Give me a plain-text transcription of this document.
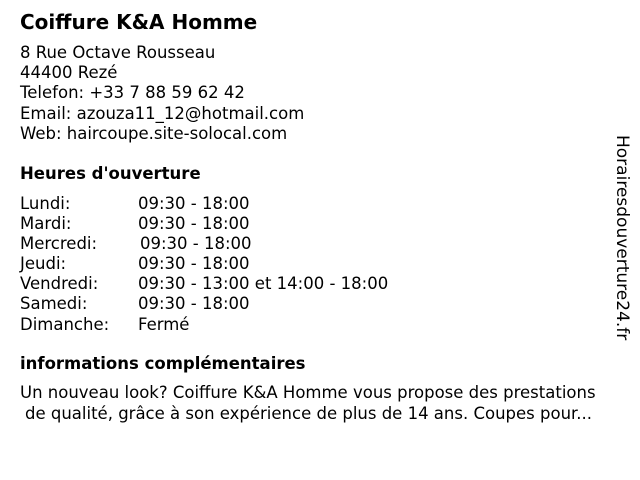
Coiffure K&A Homme
8 Rue Octave Rousseau
44400 Rezé
Telefon: +33 7 88 59 62 42
Email: azouza11_12@hotmail.com
Web: haircoupe.site-solocal.com
Heures d'ouverture
Lundi:	09:30 - 18:00
Mardi:	09:30 - 18:00
Mercredi:	09:30 - 18:00
Jeudi:	09:30 - 18:00
Vendredi: 09:30 - 13:00 et 14:00 - 18:00
Samedi:	09:30 - 18:00
Dimanche: Fermé
informations complémentaires
Un nouveau look? Coiffure K&A Homme vous propose des prestations
de qualité, grâce à son expérience de plus de 14 ans. Coupes pour...
Horairesdouverture24.fr
